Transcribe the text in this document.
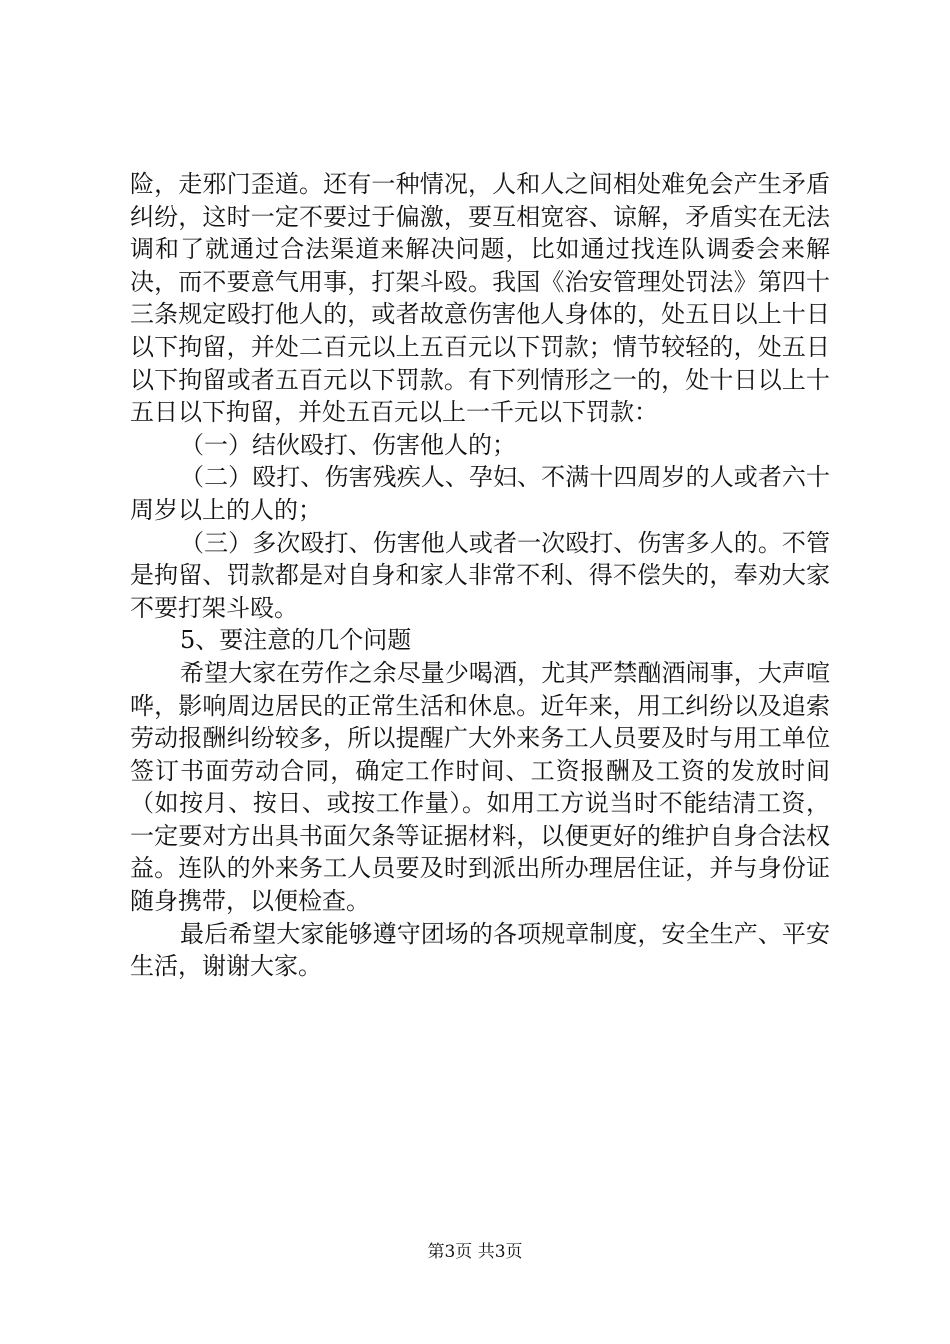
险，走邪门歪道。还有一种情况，人和人之间相处难免会产生矛盾纠纷，这时一定不要过于偏激，要互相宽容、谅解，矛盾实在无法调和了就通过合法渠道来解决问题，比如通过找连队调委会来解决，而不要意气用事，打架斗殴。我国《治安管理处罚法》第四十三条规定殴打他人的，或者故意伤害他人身体的，处五日以上十日以下拘留，并处二百元以上五百元以下罚款；情节较轻的，处五日以下拘留或者五百元以下罚款。有下列情形之一的，处十日以上十五日以下拘留，并处五百元以上一千元以下罚款：

（一）结伙殴打、伤害他人的；

（二）殴打、伤害残疾人、孕妇、不满十四周岁的人或者六十周岁以上的人的；

（三）多次殴打、伤害他人或者一次殴打、伤害多人的。不管是拘留、罚款都是对自身和家人非常不利、得不偿失的，奉劝大家不要打架斗殴。

5、要注意的几个问题

希望大家在劳作之余尽量少喝酒，尤其严禁酗酒闹事，大声喧哗，影响周边居民的正常生活和休息。近年来，用工纠纷以及追索劳动报酬纠纷较多，所以提醒广大外来务工人员要及时与用工单位签订书面劳动合同，确定工作时间、工资报酬及工资的发放时间（如按月、按日、或按工作量）。如用工方说当时不能结清工资，一定要对方出具书面欠条等证据材料，以便更好的维护自身合法权益。连队的外来务工人员要及时到派出所办理居住证，并与身份证随身携带，以便检查。

最后希望大家能够遵守团场的各项规章制度，安全生产、平安生活，谢谢大家。

第3页 共3页
